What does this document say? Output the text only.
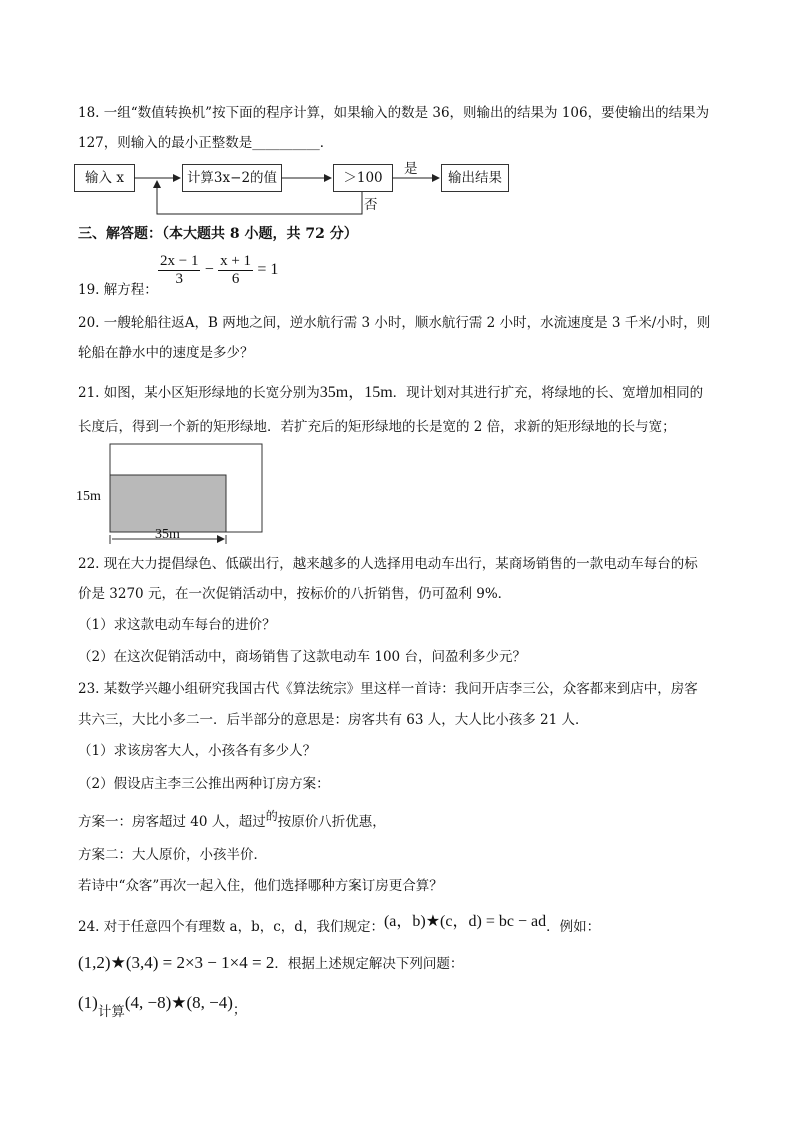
18. 一组“数值转换机”按下面的程序计算，如果输入的数是 36，则输出的结果为 106，要使输出的结果为
127，则输入的最小正整数是__________．
输入 x	计算3x−2的值	＞100	输出结果
是
否
三、解答题：（本大题共 8 小题，共 72 分）
19. 解方程：
$\frac{2x - 1}{3} - \frac{x + 1}{6} = 1$
20. 一艘轮船往返A，B 两地之间，逆水航行需 3 小时，顺水航行需 2 小时，水流速度是 3 千米/小时，则
轮船在静水中的速度是多少？
21. 如图，某小区矩形绿地的长宽分别为35m，15m．现计划对其进行扩充，将绿地的长、宽增加相同的
长度后，得到一个新的矩形绿地．若扩充后的矩形绿地的长是宽的 2 倍，求新的矩形绿地的长与宽；
15m
35m
22. 现在大力提倡绿色、低碳出行，越来越多的人选择用电动车出行，某商场销售的一款电动车每台的标
价是 3270 元，在一次促销活动中，按标价的八折销售，仍可盈利 9%．
（1）求这款电动车每台的进价？
（2）在这次促销活动中，商场销售了这款电动车 100 台，问盈利多少元？
23. 某数学兴趣小组研究我国古代《算法统宗》里这样一首诗：我问开店李三公，众客都来到店中，房客
共六三，大比小多二一．后半部分的意思是：房客共有 63 人，大人比小孩多 21 人．
（1）求该房客大人，小孩各有多少人？
（2）假设店主李三公推出两种订房方案：
方案一：房客超过 40 人，超过的按原价八折优惠，
方案二：大人原价，小孩半价．
若诗中“众客”再次一起入住，他们选择哪种方案订房更合算？
24. 对于任意四个有理数 a，b，c，d，我们规定：(a，b)★(c，d) = bc − ad．例如：
(1,2)★(3,4) = 2×3 − 1×4 = 2．根据上述规定解决下列问题：
(1)计算(4, −8)★(8, −4)；
